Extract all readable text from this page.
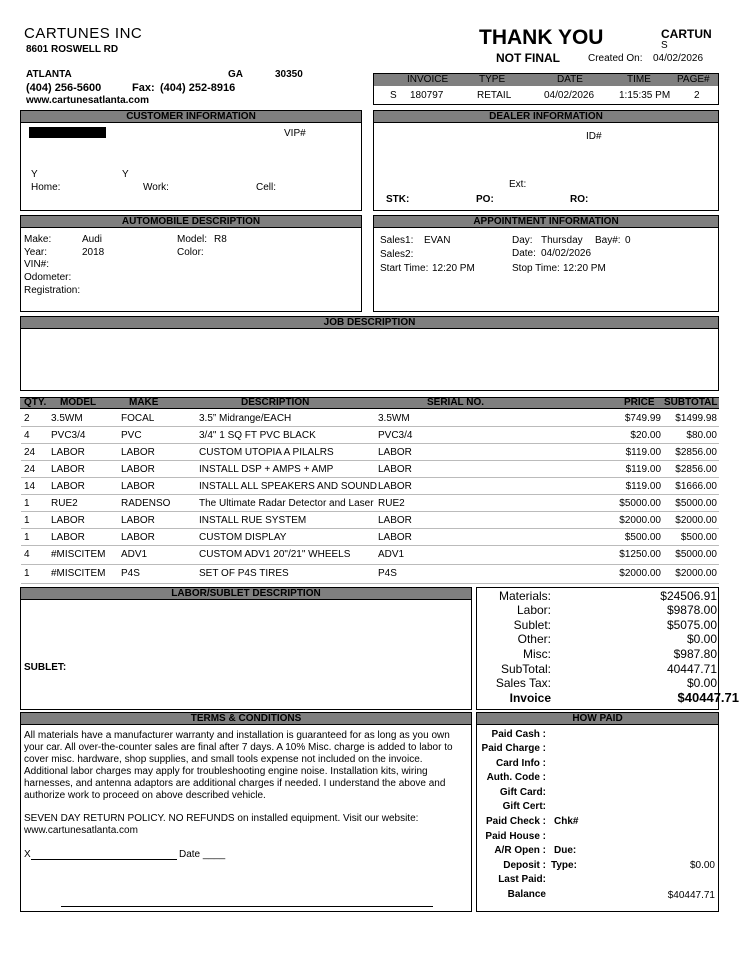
CARTUNES INC
8601 ROSWELL RD
ATLANTA	GA	30350
(404) 256-5600	Fax: (404) 252-8916
www.cartunesatlanta.com
THANK YOU
NOT FINAL	Created On: 04/02/2026
CARTUN
S
INVOICE	TYPE	DATE	TIME	PAGE#
S 180797	RETAIL	04/02/2026 1:15:35 PM 2
CUSTOMER INFORMATION
VIP#
Y	Y
Home:	Work:	Cell:
DEALER INFORMATION
ID#
Ext:
STK:	PO:	RO:
AUTOMOBILE DESCRIPTION
Make:	Audi	Model: R8
Year:	2018	Color:
VIN#:
Odometer:
Registration:
APPOINTMENT INFORMATION
Sales1: EVAN
Sales2:
Day: Thursday Bay#: 0
Date: 04/02/2026
Start Time: 12:20 PM	Stop Time: 12:20 PM
JOB DESCRIPTION
QTY. MODEL	MAKE	DESCRIPTION	SERIAL NO.	PRICE SUBTOTAL
2 3.5WM	FOCAL	3.5” Midrange/EACH	3.5WM	$749.99 $1499.98
4 PVC3/4	PVC	3/4" 1 SQ FT PVC BLACK	PVC3/4	$20.00	$80.00
24 LABOR	LABOR	CUSTOM UTOPIA A PILALRS	LABOR	$119.00 $2856.00
24 LABOR	LABOR	INSTALL DSP + AMPS + AMP	LABOR	$119.00 $2856.00
14 LABOR	LABOR	INSTALL ALL SPEAKERS AND SOUND LABOR	$119.00 $1666.00
1 RUE2	RADENSO	The Ultimate Radar Detector and Laser RUE2	$5000.00 $5000.00
1 LABOR	LABOR	INSTALL RUE SYSTEM	LABOR	$2000.00 $2000.00
1 LABOR	LABOR	CUSTOM DISPLAY	LABOR	$500.00 $500.00
4 #MISCITEM ADV1	CUSTOM ADV1 20"/21" WHEELS	ADV1	$1250.00 $5000.00
1 #MISCITEM P4S	SET OF P4S TIRES	P4S	$2000.00 $2000.00
LABOR/SUBLET DESCRIPTION
SUBLET:
Materials:	$24506.91
Labor:	$9878.00
Sublet:	$5075.00
Other:	$0.00
Misc:	$987.80
SubTotal:	40447.71
Sales Tax:	$0.00
Invoice	$40447.71
TERMS & CONDITIONS
All materials have a manufacturer warranty and installation is guaranteed for as long as you own your car. All over-the-counter sales are final after 7 days. A 10% Misc. charge is added to labor to cover misc. hardware, shop supplies, and small tools expense not included on the invoice. Additional labor charges may apply for troubleshooting engine noise. Installation kits, wiring harnesses, and antenna adaptors are additional charges if needed. I understand the above and authorize work to proceed on above described vehicle.
SEVEN DAY RETURN POLICY. NO REFUNDS on installed equipment. Visit our website: www.cartunesatlanta.com
X	Date ____
HOW PAID
Paid Cash :
Paid Charge :
Card Info :
Auth. Code :
Gift Card:
Gift Cert:
Paid Check : Chk#
Paid House :
A/R Open : Due:
Deposit : Type:	$0.00
Last Paid:
Balance	$40447.71
